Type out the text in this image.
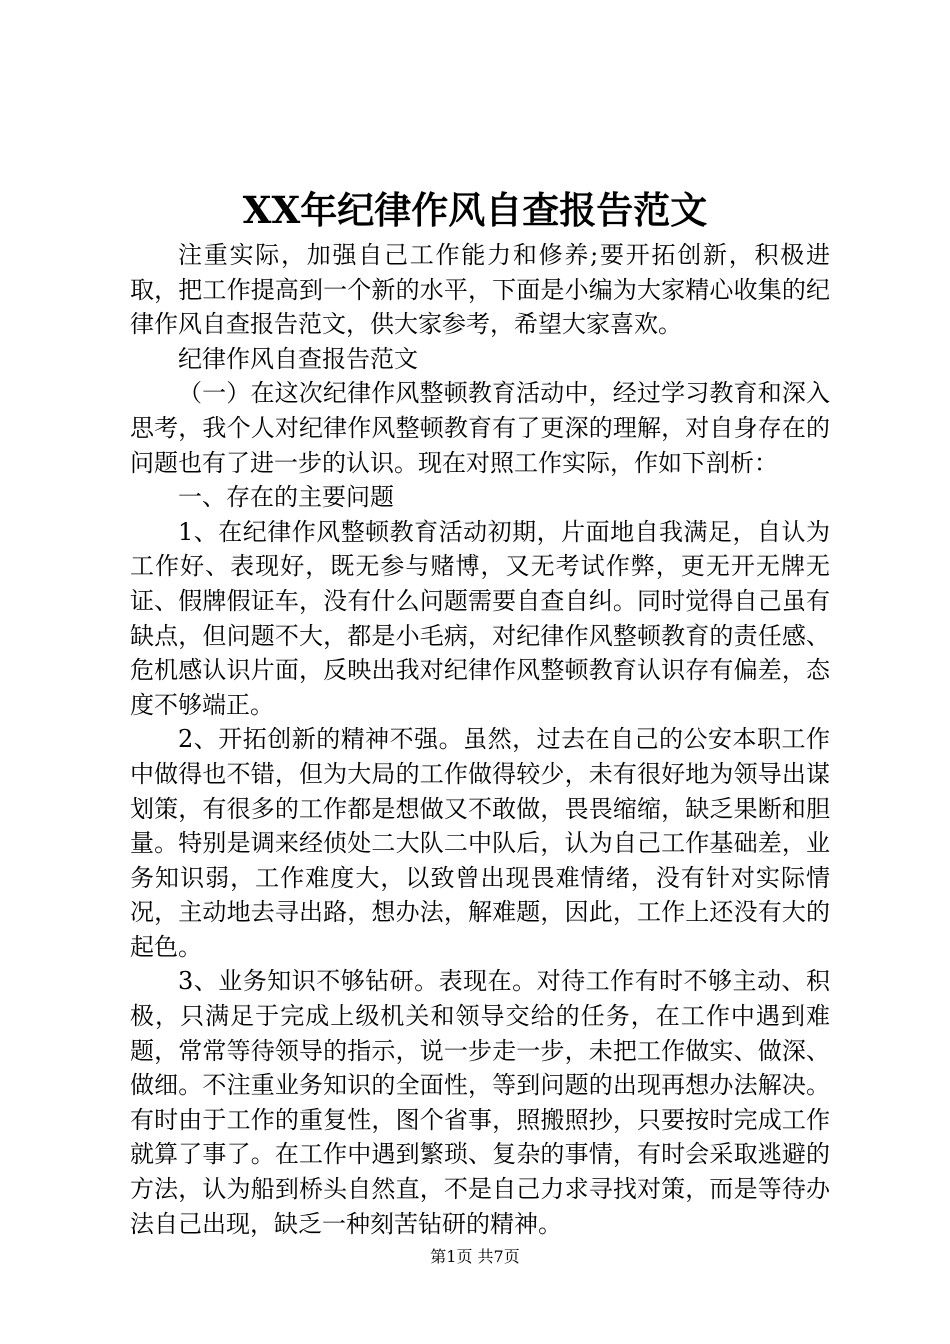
XX年纪律作风自查报告范文

注重实际，加强自己工作能力和修养;要开拓创新，积极进取，把工作提高到一个新的水平，下面是小编为大家精心收集的纪律作风自查报告范文，供大家参考，希望大家喜欢。

纪律作风自查报告范文

（一）在这次纪律作风整顿教育活动中，经过学习教育和深入思考，我个人对纪律作风整顿教育有了更深的理解，对自身存在的问题也有了进一步的认识。现在对照工作实际，作如下剖析：

一、存在的主要问题

1、在纪律作风整顿教育活动初期，片面地自我满足，自认为工作好、表现好，既无参与赌博，又无考试作弊，更无开无牌无证、假牌假证车，没有什么问题需要自查自纠。同时觉得自己虽有缺点，但问题不大，都是小毛病，对纪律作风整顿教育的责任感、危机感认识片面，反映出我对纪律作风整顿教育认识存有偏差，态度不够端正。

2、开拓创新的精神不强。虽然，过去在自己的公安本职工作中做得也不错，但为大局的工作做得较少，未有很好地为领导出谋划策，有很多的工作都是想做又不敢做，畏畏缩缩，缺乏果断和胆量。特别是调来经侦处二大队二中队后，认为自己工作基础差，业务知识弱，工作难度大，以致曾出现畏难情绪，没有针对实际情况，主动地去寻出路，想办法，解难题，因此，工作上还没有大的起色。

3、业务知识不够钻研。表现在。对待工作有时不够主动、积极，只满足于完成上级机关和领导交给的任务，在工作中遇到难题，常常等待领导的指示，说一步走一步，未把工作做实、做深、做细。不注重业务知识的全面性，等到问题的出现再想办法解决。有时由于工作的重复性，图个省事，照搬照抄，只要按时完成工作就算了事了。在工作中遇到繁琐、复杂的事情，有时会采取逃避的方法，认为船到桥头自然直，不是自己力求寻找对策，而是等待办法自己出现，缺乏一种刻苦钻研的精神。

第1页 共7页
